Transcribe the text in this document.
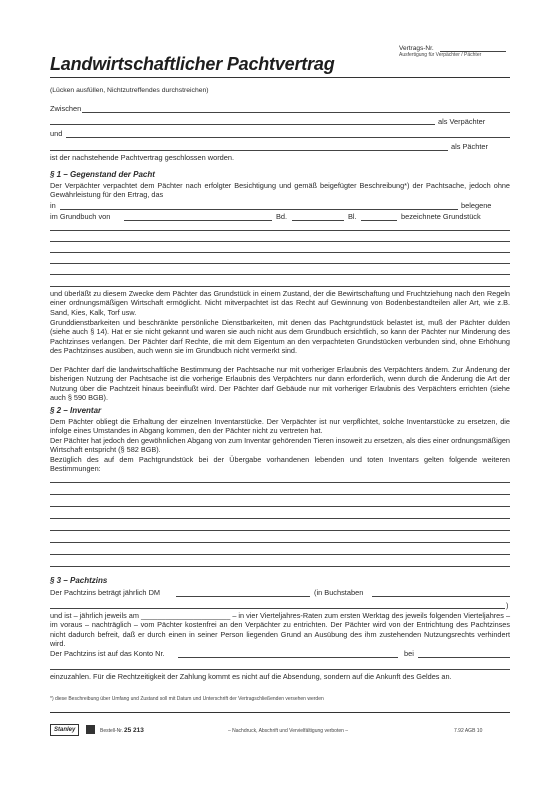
Vertrags-Nr.
Ausfertigung für Verpächter / Pächter
Landwirtschaftlicher Pachtvertrag
(Lücken ausfüllen, Nichtzutreffendes durchstreichen)
Zwischen
als Verpächter
und
als Pächter
ist der nachstehende Pachtvertrag geschlossen worden.
§ 1 – Gegenstand der Pacht
Der Verpächter verpachtet dem Pächter nach erfolgter Besichtigung und gemäß beigefügter Beschreibung*) der Pachtsache, jedoch ohne Gewährleistung für den Ertrag, das
in	belegene
im Grundbuch von	Bd.	Bl.	bezeichnete Grundstück
und überläßt zu diesem Zwecke dem Pächter das Grundstück in einem Zustand, der die Bewirtschaftung und Fruchtziehung nach den Regeln einer ordnungsmäßigen Wirtschaft ermöglicht. Nicht mitverpachtet ist das Recht auf Gewinnung von Bodenbestandteilen aller Art, wie z.B. Sand, Kies, Kalk, Torf usw.
Grunddienstbarkeiten und beschränkte persönliche Dienstbarkeiten, mit denen das Pachtgrundstück belastet ist, muß der Pächter dulden (siehe auch § 14). Hat er sie nicht gekannt und waren sie auch nicht aus dem Grundbuch ersichtlich, so kann der Pächter nur Minderung des Pachtzinses verlangen. Der Pächter darf Rechte, die mit dem Eigentum an den verpachteten Grundstücken verbunden sind, ohne Erhöhung des Pachtzinses ausüben, auch wenn sie im Grundbuch nicht vermerkt sind.
Der Pächter darf die landwirtschaftliche Bestimmung der Pachtsache nur mit vorheriger Erlaubnis des Verpächters ändern. Zur Änderung der bisherigen Nutzung der Pachtsache ist die vorherige Erlaubnis des Verpächters nur dann erforderlich, wenn durch die Änderung die Art der Nutzung über die Pachtzeit hinaus beeinflußt wird. Der Pächter darf Gebäude nur mit vorheriger Erlaubnis des Verpächters errichten (siehe auch § 590 BGB).
§ 2 – Inventar
Dem Pächter obliegt die Erhaltung der einzelnen Inventarstücke. Der Verpächter ist nur verpflichtet, solche Inventarstücke zu ersetzen, die infolge eines Umstandes in Abgang kommen, den der Pächter nicht zu vertreten hat.
Der Pächter hat jedoch den gewöhnlichen Abgang von zum Inventar gehörenden Tieren insoweit zu ersetzen, als dies einer ordnungsmäßigen Wirtschaft entspricht (§ 582 BGB).
Bezüglich des auf dem Pachtgrundstück bei der Übergabe vorhandenen lebenden und toten Inventars gelten folgende weiteren Bestimmungen:
§ 3 – Pachtzins
Der Pachtzins beträgt jährlich DM	(in Buchstaben
)
und ist – jährlich jeweils am ______________________ – in vier Vierteljahres-Raten zum ersten Werktag des jeweils folgenden Vierteljahres – im voraus – nachträglich – vom Pächter kostenfrei an den Verpächter zu entrichten. Der Pächter wird von der Entrichtung des Pachtzinses nicht dadurch befreit, daß er durch einen in seiner Person liegenden Grund an Ausübung des ihm zustehenden Nutzungsrechts verhindert wird.
Der Pachtzins ist auf das Konto Nr.	bei
einzuzahlen. Für die Rechtzeitigkeit der Zahlung kommt es nicht auf die Absendung, sondern auf die Ankunft des Geldes an.
*) diese Beschreibung über Umfang und Zustand soll mit Datum und Unterschrift der Vertragschließenden versehen werden
Stanley	Bestell-Nr. 25 213	– Nachdruck, Abschrift und Vervielfältigung verboten –	7.92 AGB 10
